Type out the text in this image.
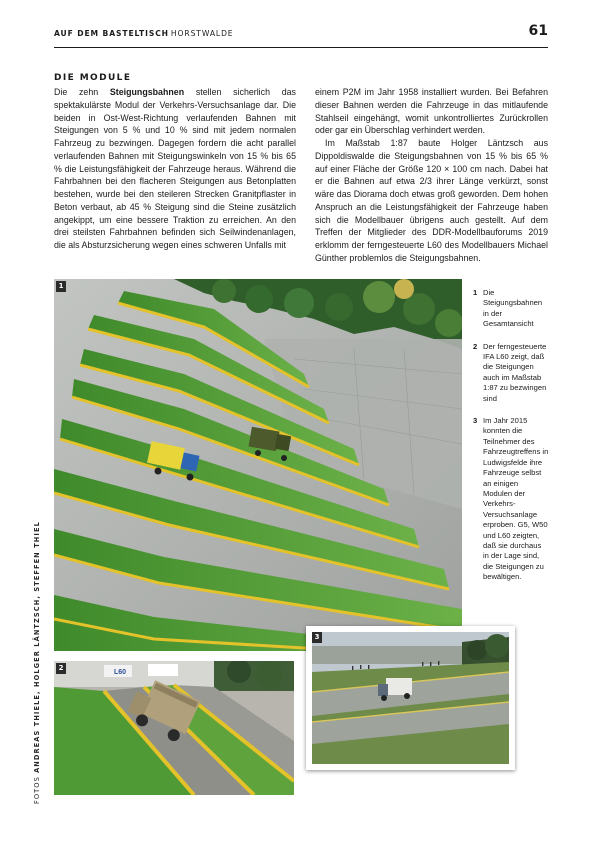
AUF DEM BASTELTISCH HORSTWALDE	61
DIE MODULE

Die zehn Steigungsbahnen stellen sicherlich das spektakulärste Modul der Verkehrs-Versuchsanlage dar. Die beiden in Ost-West-Richtung verlaufenden Bahnen mit Steigungen von 5 % und 10 % sind mit jedem normalen Fahrzeug zu bezwingen. Dagegen fordern die acht parallel verlaufenden Bahnen mit Steigungswinkeln von 15 % bis 65 % die Leistungsfähigkeit der Fahrzeuge heraus. Während die Fahrbahnen bei den flacheren Steigungen aus Betonplatten bestehen, wurde bei den steileren Strecken Granitpflaster in Beton verbaut, ab 45 % Steigung sind die Steine zusätzlich angekippt, um eine bessere Traktion zu erreichen. An den drei steilsten Fahrbahnen befinden sich Seilwindenanlagen, die als Absturzsicherung wegen eines schweren Unfalls mit

einem P2M im Jahr 1958 installiert wurden. Bei Befahren dieser Bahnen werden die Fahrzeuge in das mitlaufende Stahlseil eingehängt, womit unkontrolliertes Zurückrollen oder gar ein Überschlag verhindert werden.

Im Maßstab 1:87 baute Holger Läntzsch aus Dippoldiswalde die Steigungsbahnen von 15 % bis 65 % auf einer Fläche der Größe 120 × 100 cm nach. Dabei hat er die Bahnen auf etwa 2/3 ihrer Länge verkürzt, sonst wäre das Diorama doch etwas groß geworden. Dem hohen Anspruch an die Leistungsfähigkeit der Fahrzeuge haben sich die Modellbauer übrigens auch gestellt. Auf dem Treffen der Mitglieder des DDR-Modellbauforums 2019 erklomm der ferngesteuerte L60 des Modellbauers Michael Günther problemlos die Steigungsbahnen.

1
L60
2
3
1 Die Steigungsbahnen in der Gesamtansicht
2 Der ferngesteuerte IFA L60 zeigt, daß die Steigungen auch im Maßstab 1:87 zu bezwingen sind
3 Im Jahr 2015 konnten die Teilnehmer des Fahrzeugtreffens in Ludwigsfelde ihre Fahrzeuge selbst an einigen Modulen der Verkehrs-Versuchsanlage erproben. G5, W50 und L60 zeigten, daß sie durchaus in der Lage sind, die Steigungen zu bewältigen.
FOTOS ANDREAS THIELE, HOLGER LÄNTZSCH, STEFFEN THIEL
